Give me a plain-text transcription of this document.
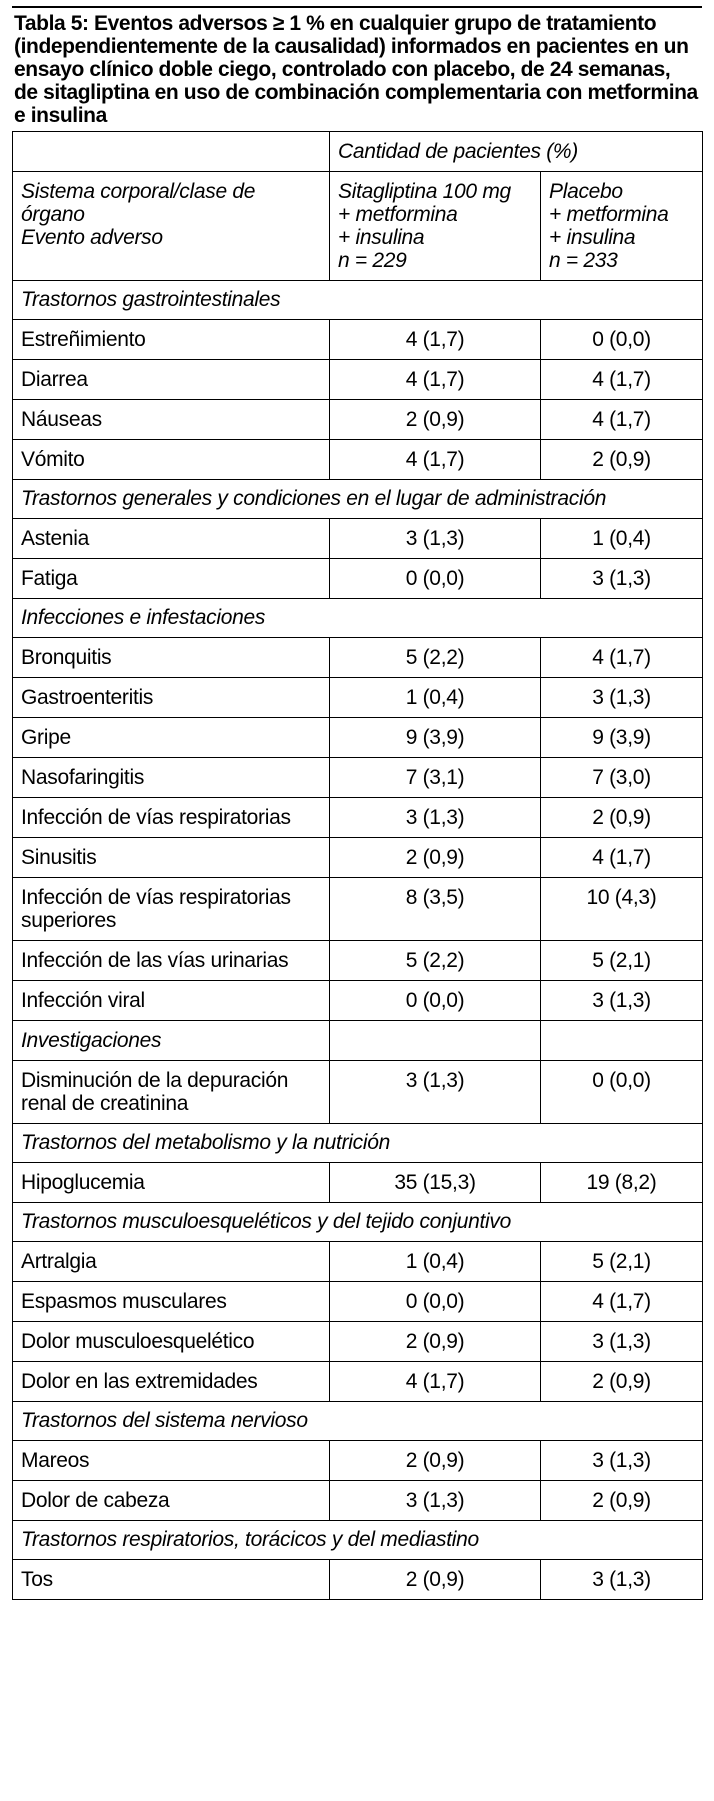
Tabla 5: Eventos adversos ≥ 1 % en cualquier grupo de tratamiento (independientemente de la causalidad) informados en pacientes en un ensayo clínico doble ciego, controlado con placebo, de 24 semanas, de sitagliptina en uso de combinación complementaria con metformina e insulina
	Cantidad de pacientes (%)	
Sistema corporal/clase de
órgano
Evento adverso	Sitagliptina 100 mg
+ metformina
+ insulina
n = 229	Placebo
+ metformina
+ insulina
n = 233
Trastornos gastrointestinales		
Estreñimiento	4 (1,7)	0 (0,0)
Diarrea	4 (1,7)	4 (1,7)
Náuseas	2 (0,9)	4 (1,7)
Vómito	4 (1,7)	2 (0,9)
Trastornos generales y condiciones en el lugar de administración		
Astenia	3 (1,3)	1 (0,4)
Fatiga	0 (0,0)	3 (1,3)
Infecciones e infestaciones		
Bronquitis	5 (2,2)	4 (1,7)
Gastroenteritis	1 (0,4)	3 (1,3)
Gripe	9 (3,9)	9 (3,9)
Nasofaringitis	7 (3,1)	7 (3,0)
Infección de vías respiratorias	3 (1,3)	2 (0,9)
Sinusitis	2 (0,9)	4 (1,7)
Infección de vías respiratorias superiores	8 (3,5)	10 (4,3)
Infección de las vías urinarias	5 (2,2)	5 (2,1)
Infección viral	0 (0,0)	3 (1,3)
Investigaciones		
Disminución de la depuración renal de creatinina	3 (1,3)	0 (0,0)
Trastornos del metabolismo y la nutrición		
Hipoglucemia	35 (15,3)	19 (8,2)
Trastornos musculoesqueléticos y del tejido conjuntivo		
Artralgia	1 (0,4)	5 (2,1)
Espasmos musculares	0 (0,0)	4 (1,7)
Dolor musculoesquelético	2 (0,9)	3 (1,3)
Dolor en las extremidades	4 (1,7)	2 (0,9)
Trastornos del sistema nervioso		
Mareos	2 (0,9)	3 (1,3)
Dolor de cabeza	3 (1,3)	2 (0,9)
Trastornos respiratorios, torácicos y del mediastino		
Tos	2 (0,9)	3 (1,3)
